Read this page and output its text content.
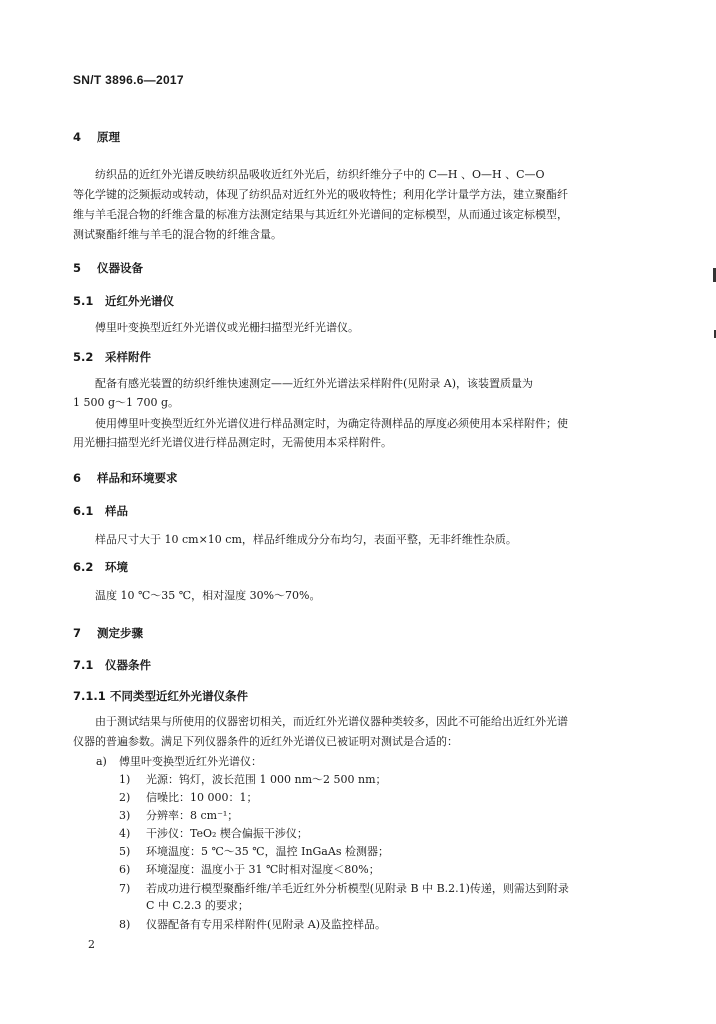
SN/T 3896.6—2017
4 原理
纺织品的近红外光谱反映纺织品吸收近红外光后，纺织纤维分子中的 C—H 、O—H 、C—O
等化学键的泛频振动或转动，体现了纺织品对近红外光的吸收特性；利用化学计量学方法，建立聚酯纤
维与羊毛混合物的纤维含量的标准方法测定结果与其近红外光谱间的定标模型，从而通过该定标模型，
测试聚酯纤维与羊毛的混合物的纤维含量。
5 仪器设备
5.1 近红外光谱仪
傅里叶变换型近红外光谱仪或光栅扫描型光纤光谱仪。
5.2 采样附件
配备有感光装置的纺织纤维快速测定——近红外光谱法采样附件(见附录 A)，该装置质量为
1 500 g～1 700 g。
使用傅里叶变换型近红外光谱仪进行样品测定时，为确定待测样品的厚度必须使用本采样附件；使
用光栅扫描型光纤光谱仪进行样品测定时，无需使用本采样附件。
6 样品和环境要求
6.1 样品
样品尺寸大于 10 cm×10 cm，样品纤维成分分布均匀，表面平整，无非纤维性杂质。
6.2 环境
温度 10 ℃～35 ℃，相对湿度 30%～70%。
7 测定步骤
7.1 仪器条件
7.1.1 不同类型近红外光谱仪条件
由于测试结果与所使用的仪器密切相关，而近红外光谱仪器种类较多，因此不可能给出近红外光谱
仪器的普遍参数。满足下列仪器条件的近红外光谱仪已被证明对测试是合适的：
a) 傅里叶变换型近红外光谱仪：
1) 光源：钨灯，波长范围 1 000 nm～2 500 nm；
2) 信噪比：10 000：1；
3) 分辨率：8 cm⁻¹；
4) 干涉仪：TeO₂ 楔合偏振干涉仪；
5) 环境温度：5 ℃～35 ℃，温控 InGaAs 检测器；
6) 环境湿度：温度小于 31 ℃时相对湿度＜80%；
7) 若成功进行模型聚酯纤维/羊毛近红外分析模型(见附录 B 中 B.2.1)传递，则需达到附录
C 中 C.2.3 的要求；
8) 仪器配备有专用采样附件(见附录 A)及监控样品。
2
